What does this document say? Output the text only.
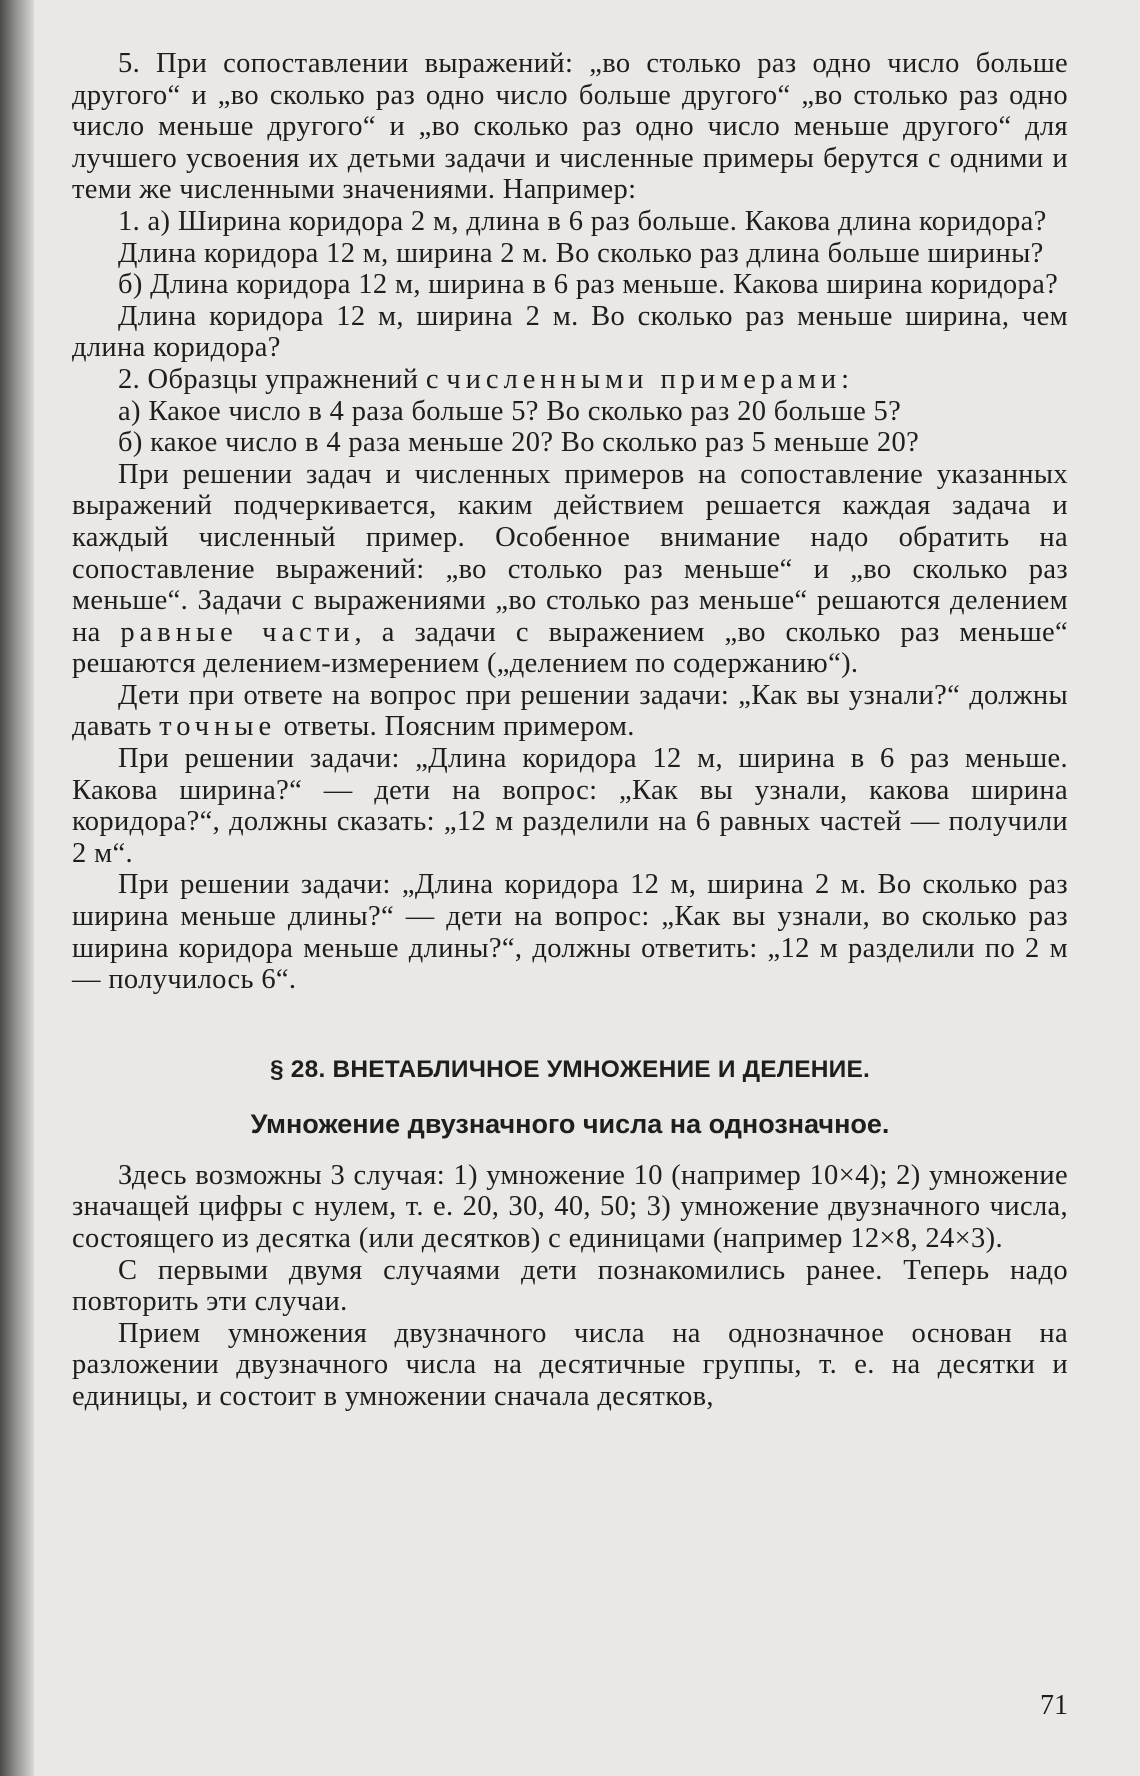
5. При сопоставлении выражений: „во столько раз одно число больше другого“ и „во сколько раз одно число больше другого“ „во столько раз одно число меньше другого“ и „во сколько раз одно число меньше другого“ для лучшего усвоения их детьми задачи и численные примеры берутся с одними и теми же численными значениями. Например:

1. а) Ширина коридора 2 м, длина в 6 раз больше. Какова длина коридора?

Длина коридора 12 м, ширина 2 м. Во сколько раз длина больше ширины?

б) Длина коридора 12 м, ширина в 6 раз меньше. Какова ширина коридора?

Длина коридора 12 м, ширина 2 м. Во сколько раз меньше ширина, чем длина коридора?

2. Образцы упражнений с численными примерами:

а) Какое число в 4 раза больше 5? Во сколько раз 20 больше 5?

б) какое число в 4 раза меньше 20? Во сколько раз 5 меньше 20?

При решении задач и численных примеров на сопоставление указанных выражений подчеркивается, каким действием решается каждая задача и каждый численный пример. Особенное внимание надо обратить на сопоставление выражений: „во столько раз меньше“ и „во сколько раз меньше“. Задачи с выражениями „во столько раз меньше“ решаются делением на равные части, а задачи с выражением „во сколько раз меньше“ решаются делением-измерением („делением по содержанию“).

Дети при ответе на вопрос при решении задачи: „Как вы узнали?“ должны давать точные ответы. Поясним примером.

При решении задачи: „Длина коридора 12 м, ширина в 6 раз меньше. Какова ширина?“ — дети на вопрос: „Как вы узнали, какова ширина коридора?“, должны сказать: „12 м разделили на 6 равных частей — получили 2 м“.

При решении задачи: „Длина коридора 12 м, ширина 2 м. Во сколько раз ширина меньше длины?“ — дети на вопрос: „Как вы узнали, во сколько раз ширина коридора меньше длины?“, должны ответить: „12 м разделили по 2 м — получилось 6“.

§ 28. ВНЕТАБЛИЧНОЕ УМНОЖЕНИЕ И ДЕЛЕНИЕ.
Умножение двузначного числа на однозначное.

Здесь возможны 3 случая: 1) умножение 10 (например 10×4); 2) умножение значащей цифры с нулем, т. е. 20, 30, 40, 50; 3) умножение двузначного числа, состоящего из десятка (или десятков) с единицами (например 12×8, 24×3).

С первыми двумя случаями дети познакомились ранее. Теперь надо повторить эти случаи.

Прием умножения двузначного числа на однозначное основан на разложении двузначного числа на десятичные группы, т. е. на десятки и единицы, и состоит в умножении сначала десятков,

71
